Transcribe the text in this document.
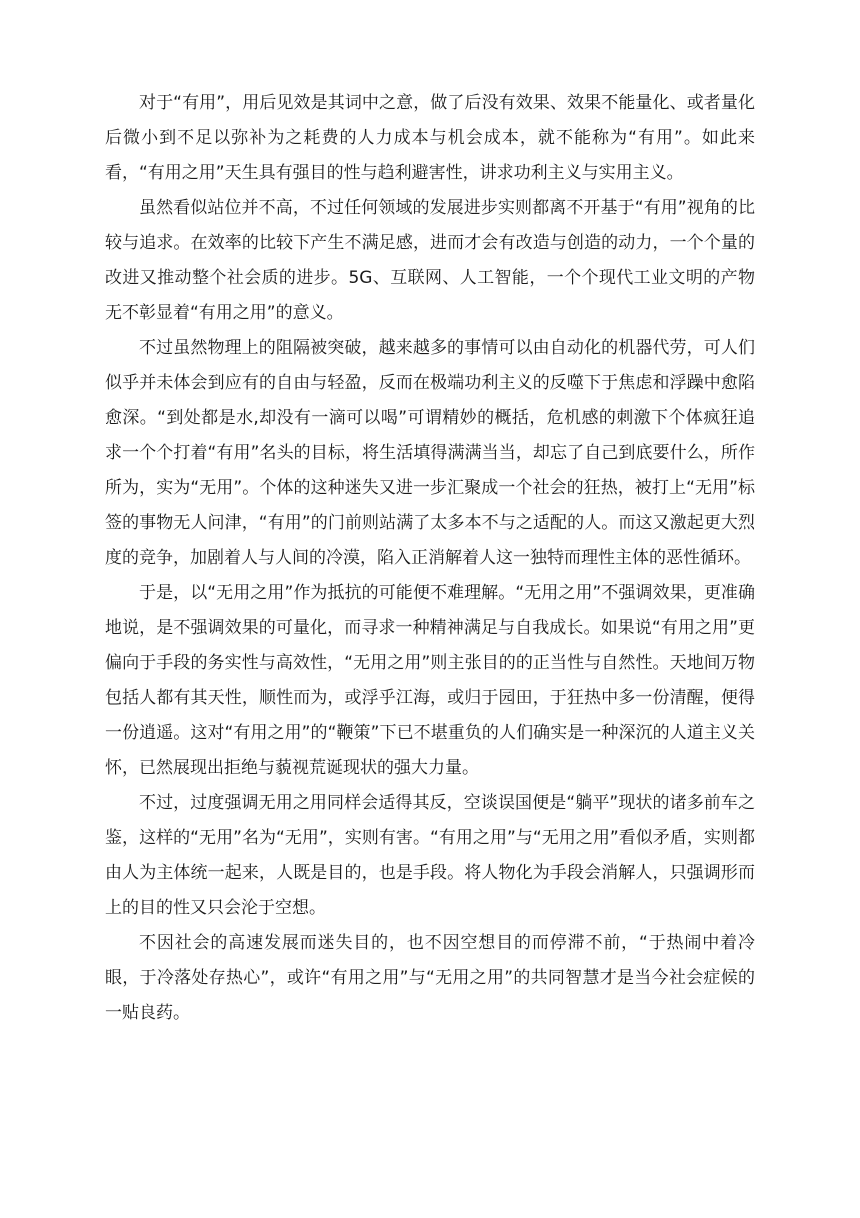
对于“有用”，用后见效是其词中之意，做了后没有效果、效果不能量化、或者量化后微小到不足以弥补为之耗费的人力成本与机会成本，就不能称为“有用”。如此来看，“有用之用”天生具有强目的性与趋利避害性，讲求功利主义与实用主义。

虽然看似站位并不高，不过任何领域的发展进步实则都离不开基于“有用”视角的比较与追求。在效率的比较下产生不满足感，进而才会有改造与创造的动力，一个个量的改进又推动整个社会质的进步。5G、互联网、人工智能，一个个现代工业文明的产物无不彰显着“有用之用”的意义。

不过虽然物理上的阻隔被突破，越来越多的事情可以由自动化的机器代劳，可人们似乎并未体会到应有的自由与轻盈，反而在极端功利主义的反噬下于焦虑和浮躁中愈陷愈深。“到处都是水,却没有一滴可以喝”可谓精妙的概括，危机感的刺激下个体疯狂追求一个个打着“有用”名头的目标，将生活填得满满当当，却忘了自己到底要什么，所作所为，实为“无用”。个体的这种迷失又进一步汇聚成一个社会的狂热，被打上“无用”标签的事物无人问津，“有用”的门前则站满了太多本不与之适配的人。而这又激起更大烈度的竞争，加剧着人与人间的冷漠，陷入正消解着人这一独特而理性主体的恶性循环。

于是，以“无用之用”作为抵抗的可能便不难理解。“无用之用”不强调效果，更准确地说，是不强调效果的可量化，而寻求一种精神满足与自我成长。如果说“有用之用”更偏向于手段的务实性与高效性，“无用之用”则主张目的的正当性与自然性。天地间万物包括人都有其天性，顺性而为，或浮乎江海，或归于园田，于狂热中多一份清醒，便得一份逍遥。这对“有用之用”的“鞭策”下已不堪重负的人们确实是一种深沉的人道主义关怀，已然展现出拒绝与藐视荒诞现状的强大力量。

不过，过度强调无用之用同样会适得其反，空谈误国便是“躺平”现状的诸多前车之鉴，这样的“无用”名为“无用”，实则有害。“有用之用”与“无用之用”看似矛盾，实则都由人为主体统一起来，人既是目的，也是手段。将人物化为手段会消解人，只强调形而上的目的性又只会沦于空想。

不因社会的高速发展而迷失目的，也不因空想目的而停滞不前，“于热闹中着冷眼，于冷落处存热心”，或许“有用之用”与“无用之用”的共同智慧才是当今社会症候的一贴良药。
